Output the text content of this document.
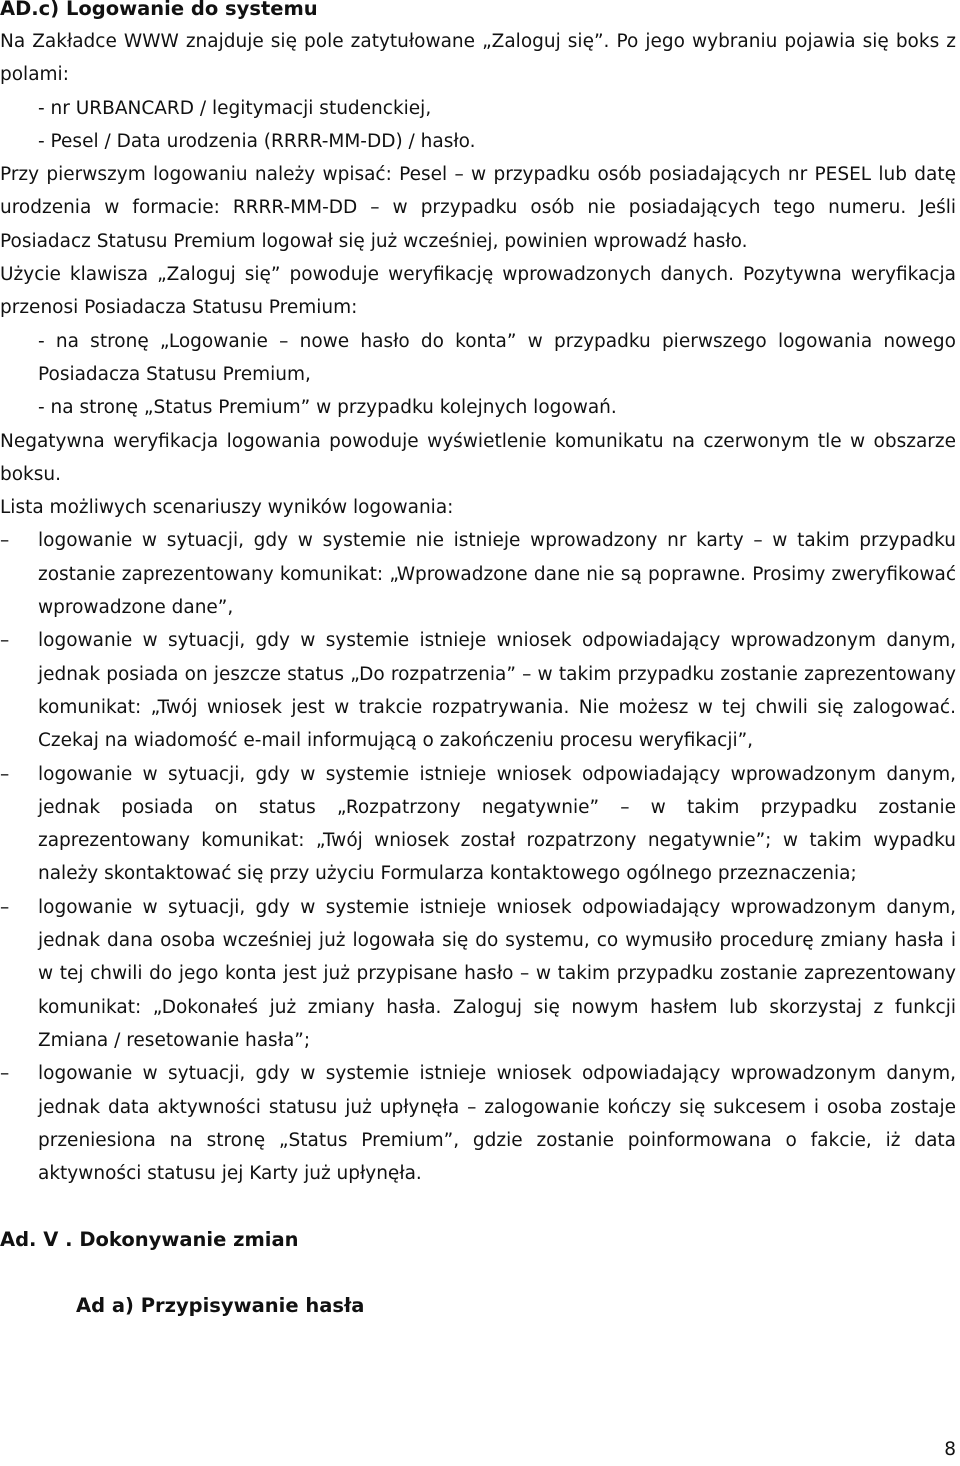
AD.c) Logowanie do systemu

Na Zakładce WWW znajduje się pole zatytułowane „Zaloguj się”. Po jego wybraniu pojawia się boks z polami:

- nr URBANCARD / legitymacji studenckiej,
- Pesel / Data urodzenia (RRRR-MM-DD) / hasło.

Przy pierwszym logowaniu należy wpisać: Pesel – w przypadku osób posiadających nr PESEL lub datę urodzenia w formacie: RRRR-MM-DD – w przypadku osób nie posiadających tego numeru. Jeśli Posiadacz Statusu Premium logował się już wcześniej, powinien wprowadź hasło.

Użycie klawisza „Zaloguj się” powoduje weryfikację wprowadzonych danych. Pozytywna weryfikacja przenosi Posiadacza Statusu Premium:

- na stronę „Logowanie – nowe hasło do konta” w przypadku pierwszego logowania nowego Posiadacza Statusu Premium,
- na stronę „Status Premium” w przypadku kolejnych logowań.

Negatywna weryfikacja logowania powoduje wyświetlenie komunikatu na czerwonym tle w obszarze boksu.

Lista możliwych scenariuszy wyników logowania:

–	logowanie w sytuacji, gdy w systemie nie istnieje wprowadzony nr karty – w takim przypadku zostanie zaprezentowany komunikat: „Wprowadzone dane nie są poprawne. Prosimy zweryfikować wprowadzone dane”,
–	logowanie w sytuacji, gdy w systemie istnieje wniosek odpowiadający wprowadzonym danym, jednak posiada on jeszcze status „Do rozpatrzenia” – w takim przypadku zostanie zaprezentowany komunikat: „Twój wniosek jest w trakcie rozpatrywania. Nie możesz w tej chwili się zalogować. Czekaj na wiadomość e-mail informującą o zakończeniu procesu weryfikacji”,
–	logowanie w sytuacji, gdy w systemie istnieje wniosek odpowiadający wprowadzonym danym, jednak posiada on status „Rozpatrzony negatywnie” – w takim przypadku zostanie zaprezentowany komunikat: „Twój wniosek został rozpatrzony negatywnie”; w takim wypadku należy skontaktować się przy użyciu Formularza kontaktowego ogólnego przeznaczenia;
–	logowanie w sytuacji, gdy w systemie istnieje wniosek odpowiadający wprowadzonym danym, jednak dana osoba wcześniej już logowała się do systemu, co wymusiło procedurę zmiany hasła i w tej chwili do jego konta jest już przypisane hasło – w takim przypadku zostanie zaprezentowany komunikat: „Dokonałeś już zmiany hasła. Zaloguj się nowym hasłem lub skorzystaj z funkcji Zmiana / resetowanie hasła”;
–	logowanie w sytuacji, gdy w systemie istnieje wniosek odpowiadający wprowadzonym danym, jednak data aktywności statusu już upłynęła – zalogowanie kończy się sukcesem i osoba zostaje przeniesiona na stronę „Status Premium”, gdzie zostanie poinformowana o fakcie, iż data aktywności statusu jej Karty już upłynęła.
Ad. V . Dokonywanie zmian
Ad a) Przypisywanie hasła
8
